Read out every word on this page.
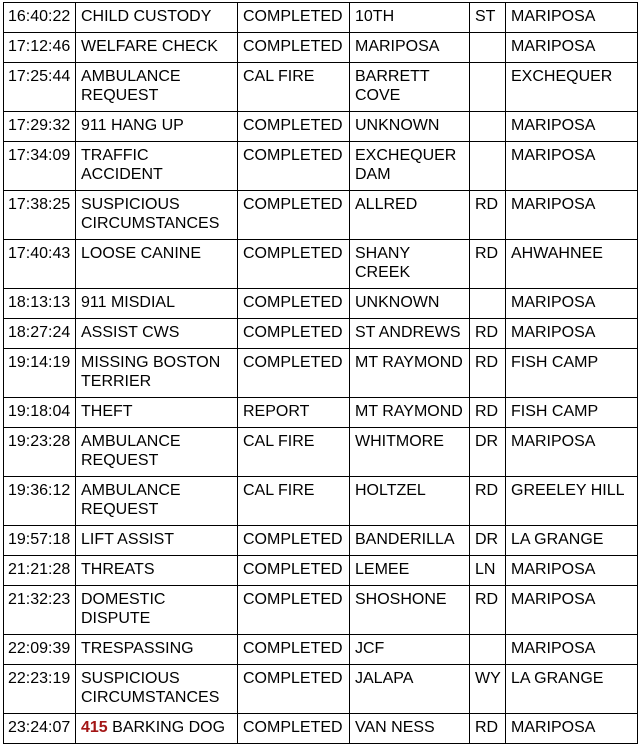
16:40:22	CHILD CUSTODY	COMPLETED	10TH	ST	MARIPOSA
17:12:46	WELFARE CHECK	COMPLETED	MARIPOSA		MARIPOSA
17:25:44	AMBULANCE REQUEST	CAL FIRE	BARRETT COVE		EXCHEQUER
17:29:32	911 HANG UP	COMPLETED	UNKNOWN		MARIPOSA
17:34:09	TRAFFIC ACCIDENT	COMPLETED	EXCHEQUER DAM		MARIPOSA
17:38:25	SUSPICIOUS CIRCUMSTANCES	COMPLETED	ALLRED	RD	MARIPOSA
17:40:43	LOOSE CANINE	COMPLETED	SHANY CREEK	RD	AHWAHNEE
18:13:13	911 MISDIAL	COMPLETED	UNKNOWN		MARIPOSA
18:27:24	ASSIST CWS	COMPLETED	ST ANDREWS	RD	MARIPOSA
19:14:19	MISSING BOSTON TERRIER	COMPLETED	MT RAYMOND	RD	FISH CAMP
19:18:04	THEFT	REPORT	MT RAYMOND	RD	FISH CAMP
19:23:28	AMBULANCE REQUEST	CAL FIRE	WHITMORE	DR	MARIPOSA
19:36:12	AMBULANCE REQUEST	CAL FIRE	HOLTZEL	RD	GREELEY HILL
19:57:18	LIFT ASSIST	COMPLETED	BANDERILLA	DR	LA GRANGE
21:21:28	THREATS	COMPLETED	LEMEE	LN	MARIPOSA
21:32:23	DOMESTIC DISPUTE	COMPLETED	SHOSHONE	RD	MARIPOSA
22:09:39	TRESPASSING	COMPLETED	JCF		MARIPOSA
22:23:19	SUSPICIOUS CIRCUMSTANCES	COMPLETED	JALAPA	WY	LA GRANGE
23:24:07	415 BARKING DOG	COMPLETED	VAN NESS	RD	MARIPOSA
